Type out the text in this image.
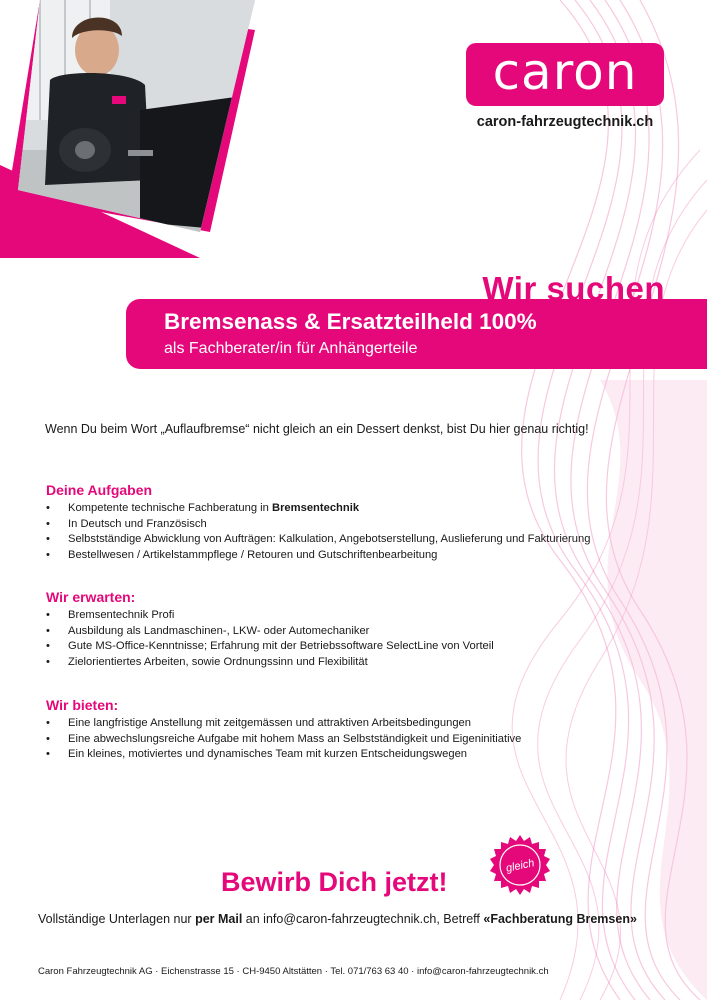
caron
caron-fahrzeugtechnik.ch
Wir suchen
Bremsenass & Ersatzteilheld 100%
als Fachberater/in für Anhängerteile
Wenn Du beim Wort „Auflaufbremse“ nicht gleich an ein Dessert denkst, bist Du hier genau richtig!
Deine Aufgaben
• Kompetente technische Fachberatung in Bremsentechnik
• In Deutsch und Französisch
• Selbstständige Abwicklung von Aufträgen: Kalkulation, Angebotserstellung, Auslieferung und Fakturierung
• Bestellwesen / Artikelstammpflege / Retouren und Gutschriftenbearbeitung
Wir erwarten:
• Bremsentechnik Profi
• Ausbildung als Landmaschinen-, LKW- oder Automechaniker
• Gute MS-Office-Kenntnisse; Erfahrung mit der Betriebssoftware SelectLine von Vorteil
• Zielorientiertes Arbeiten, sowie Ordnungssinn und Flexibilität
Wir bieten:
• Eine langfristige Anstellung mit zeitgemässen und attraktiven Arbeitsbedingungen
• Eine abwechslungsreiche Aufgabe mit hohem Mass an Selbstständigkeit und Eigeninitiative
• Ein kleines, motiviertes und dynamisches Team mit kurzen Entscheidungswegen
Bewirb Dich jetzt!
gleich
Vollständige Unterlagen nur per Mail an info@caron-fahrzeugtechnik.ch, Betreff «Fachberatung Bremsen»
Caron Fahrzeugtechnik AG · Eichenstrasse 15 · CH-9450 Altstätten · Tel. 071/763 63 40 · info@caron-fahrzeugtechnik.ch
